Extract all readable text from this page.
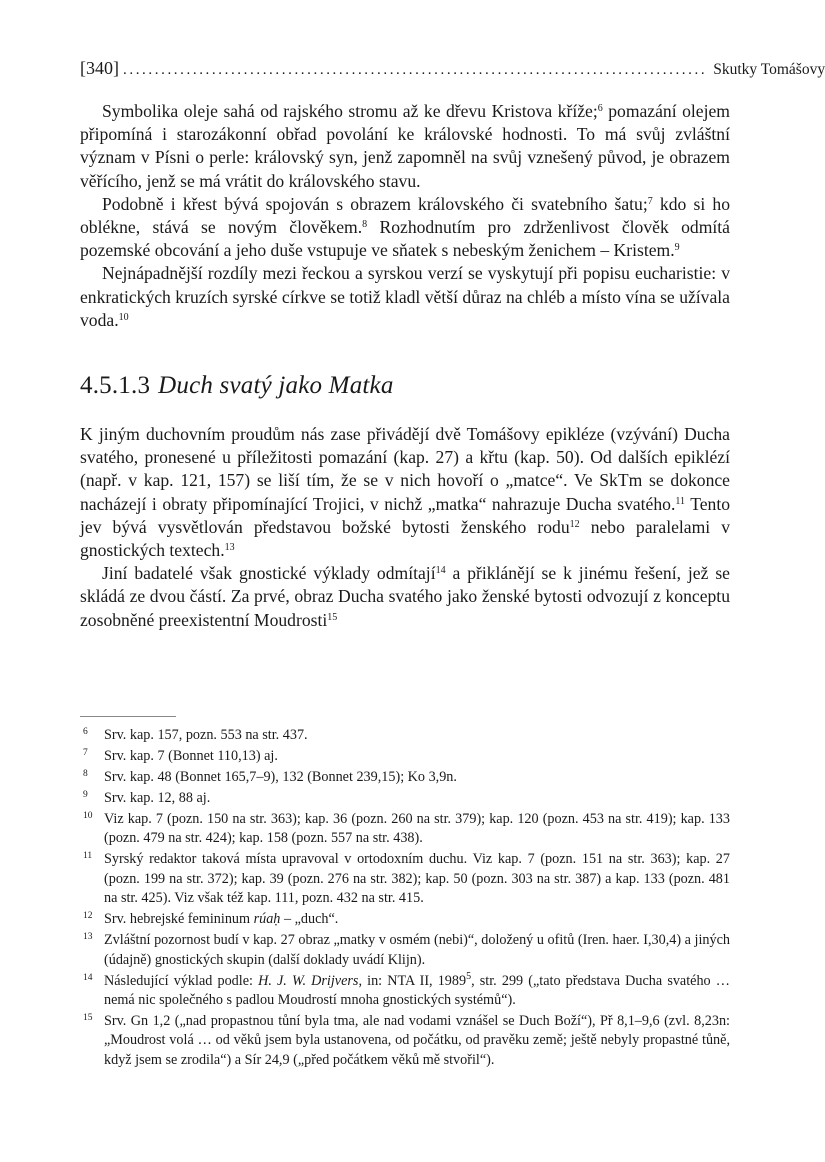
[340] ............................................................................................ Skutky Tomášovy

Symbolika oleje sahá od rajského stromu až ke dřevu Kristova kříže;$^6$ pomazání olejem připomíná i starozákonní obřad povolání ke královské hodnosti. To má svůj zvláštní význam v Písni o perle: královský syn, jenž zapomněl na svůj vznešený původ, je obrazem věřícího, jenž se má vrátit do královského stavu.

Podobně i křest bývá spojován s obrazem královského či svatebního šatu;$^7$ kdo si ho oblékne, stává se novým člověkem.$^8$ Rozhodnutím pro zdrženlivost člověk odmítá pozemské obcování a jeho duše vstupuje ve sňatek s nebeským ženichem – Kristem.$^9$

Nejnápadnější rozdíly mezi řeckou a syrskou verzí se vyskytují při popisu eucharistie: v enkratických kruzích syrské církve se totiž kladl větší důraz na chléb a místo vína se užívala voda.$^{10}$

4.5.1.3 Duch svatý jako Matka

K jiným duchovním proudům nás zase přivádějí dvě Tomášovy epikléze (vzývání) Ducha svatého, pronesené u příležitosti pomazání (kap. 27) a křtu (kap. 50). Od dalších epiklézí (např. v kap. 121, 157) se liší tím, že se v nich hovoří o „matce“. Ve SkTm se dokonce nacházejí i obraty připomínající Trojici, v nichž „matka“ nahrazuje Ducha svatého.$^{11}$ Tento jev bývá vysvětlován představou božské bytosti ženského rodu$^{12}$ nebo paralelami v gnostických textech.$^{13}$

Jiní badatelé však gnostické výklady odmítají$^{14}$ a přiklánějí se k jinému řešení, jež se skládá ze dvou částí. Za prvé, obraz Ducha svatého jako ženské bytosti odvozují z konceptu zosobněné preexistentní Moudrosti$^{15}$

6 Srv. kap. 157, pozn. 553 na str. 437.
7 Srv. kap. 7 (Bonnet 110,13) aj.
8 Srv. kap. 48 (Bonnet 165,7–9), 132 (Bonnet 239,15); Ko 3,9n.
9 Srv. kap. 12, 88 aj.
10 Viz kap. 7 (pozn. 150 na str. 363); kap. 36 (pozn. 260 na str. 379); kap. 120 (pozn. 453 na str. 419); kap. 133 (pozn. 479 na str. 424); kap. 158 (pozn. 557 na str. 438).
11 Syrský redaktor taková místa upravoval v ortodoxním duchu. Viz kap. 7 (pozn. 151 na str. 363); kap. 27 (pozn. 199 na str. 372); kap. 39 (pozn. 276 na str. 382); kap. 50 (pozn. 303 na str. 387) a kap. 133 (pozn. 481 na str. 425). Viz však též kap. 111, pozn. 432 na str. 415.
12 Srv. hebrejské femininum rúaḥ – „duch“.
13 Zvláštní pozornost budí v kap. 27 obraz „matky v osmém (nebi)“, doložený u ofitů (Iren. haer. I,30,4) a jiných (údajně) gnostických skupin (další doklady uvádí Klijn).
14 Následující výklad podle: H. J. W. Drijvers, in: NTA II, 1989$^5$, str. 299 („tato představa Ducha svatého … nemá nic společného s padlou Moudrostí mnoha gnostických systémů“).
15 Srv. Gn 1,2 („nad propastnou tůní byla tma, ale nad vodami vznášel se Duch Boží“), Př 8,1–9,6 (zvl. 8,23n: „Moudrost volá … od věků jsem byla ustanovena, od počátku, od pravěku země; ještě nebyly propastné tůně, když jsem se zrodila“) a Sír 24,9 („před počátkem věků mě stvořil“).
